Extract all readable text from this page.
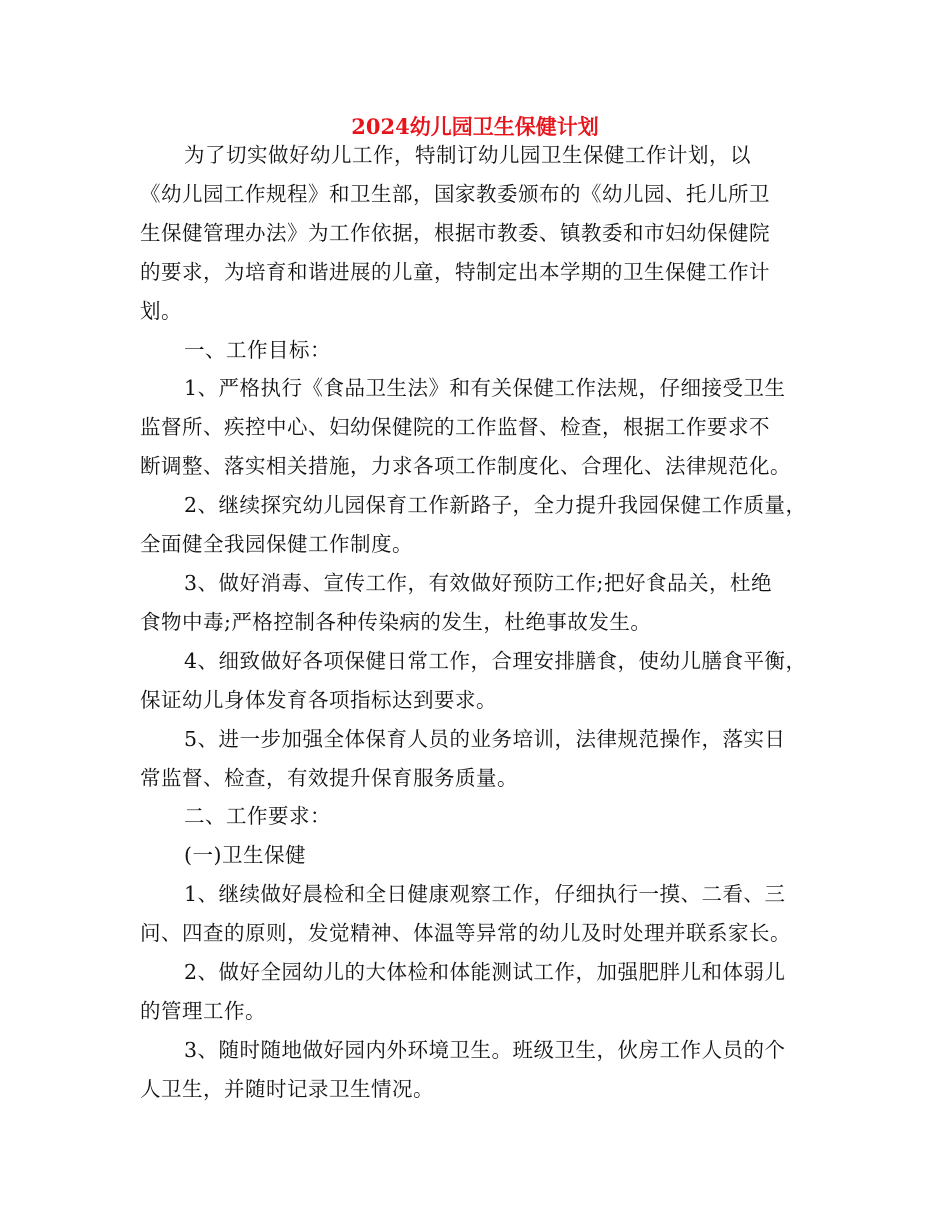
2024幼儿园卫生保健计划
为了切实做好幼儿工作，特制订幼儿园卫生保健工作计划，以
《幼儿园工作规程》和卫生部，国家教委颁布的《幼儿园、托儿所卫
生保健管理办法》为工作依据，根据市教委、镇教委和市妇幼保健院
的要求，为培育和谐进展的儿童，特制定出本学期的卫生保健工作计
划。
一、工作目标：
1、严格执行《食品卫生法》和有关保健工作法规，仔细接受卫生
监督所、疾控中心、妇幼保健院的工作监督、检查，根据工作要求不
断调整、落实相关措施，力求各项工作制度化、合理化、法律规范化。
2、继续探究幼儿园保育工作新路子，全力提升我园保健工作质量，
全面健全我园保健工作制度。
3、做好消毒、宣传工作，有效做好预防工作;把好食品关，杜绝
食物中毒;严格控制各种传染病的发生，杜绝事故发生。
4、细致做好各项保健日常工作，合理安排膳食，使幼儿膳食平衡，
保证幼儿身体发育各项指标达到要求。
5、进一步加强全体保育人员的业务培训，法律规范操作，落实日
常监督、检查，有效提升保育服务质量。
二、工作要求：
(一)卫生保健
1、继续做好晨检和全日健康观察工作，仔细执行一摸、二看、三
问、四查的原则，发觉精神、体温等异常的幼儿及时处理并联系家长。
2、做好全园幼儿的大体检和体能测试工作，加强肥胖儿和体弱儿
的管理工作。
3、随时随地做好园内外环境卫生。班级卫生，伙房工作人员的个
人卫生，并随时记录卫生情况。
